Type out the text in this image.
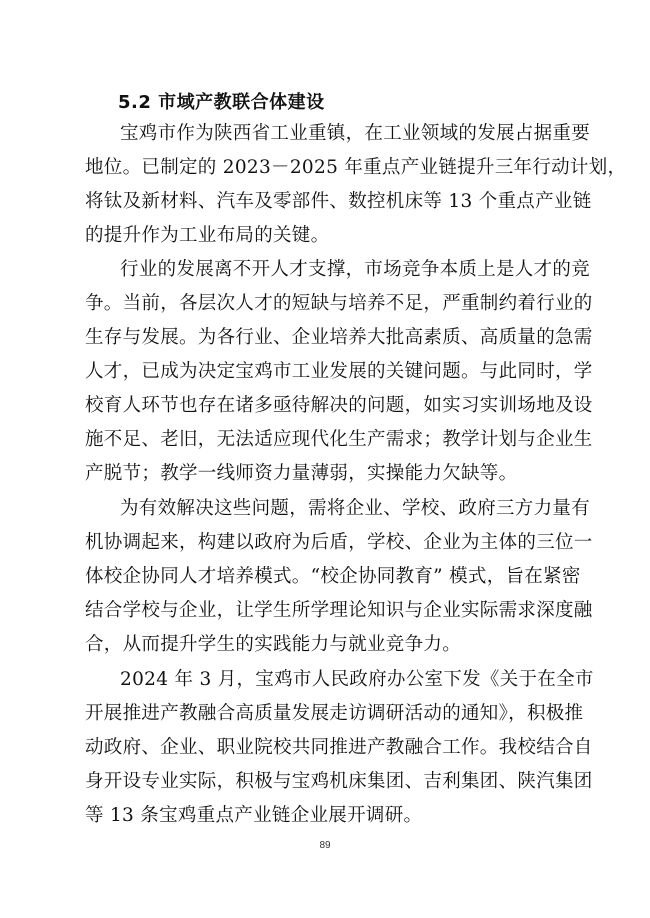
5.2 市域产教联合体建设
宝鸡市作为陕西省工业重镇，在工业领域的发展占据重要
地位。已制定的 2023－2025 年重点产业链提升三年行动计划，
将钛及新材料、汽车及零部件、数控机床等 13 个重点产业链
的提升作为工业布局的关键。
行业的发展离不开人才支撑，市场竞争本质上是人才的竞
争。当前，各层次人才的短缺与培养不足，严重制约着行业的
生存与发展。为各行业、企业培养大批高素质、高质量的急需
人才，已成为决定宝鸡市工业发展的关键问题。与此同时，学
校育人环节也存在诸多亟待解决的问题，如实习实训场地及设
施不足、老旧，无法适应现代化生产需求；教学计划与企业生
产脱节；教学一线师资力量薄弱，实操能力欠缺等。
为有效解决这些问题，需将企业、学校、政府三方力量有
机协调起来，构建以政府为后盾，学校、企业为主体的三位一
体校企协同人才培养模式。“校企协同教育” 模式，旨在紧密
结合学校与企业，让学生所学理论知识与企业实际需求深度融
合，从而提升学生的实践能力与就业竞争力。
2024 年 3 月，宝鸡市人民政府办公室下发《关于在全市
开展推进产教融合高质量发展走访调研活动的通知》，积极推
动政府、企业、职业院校共同推进产教融合工作。我校结合自
身开设专业实际，积极与宝鸡机床集团、吉利集团、陕汽集团
等 13 条宝鸡重点产业链企业展开调研。
89
